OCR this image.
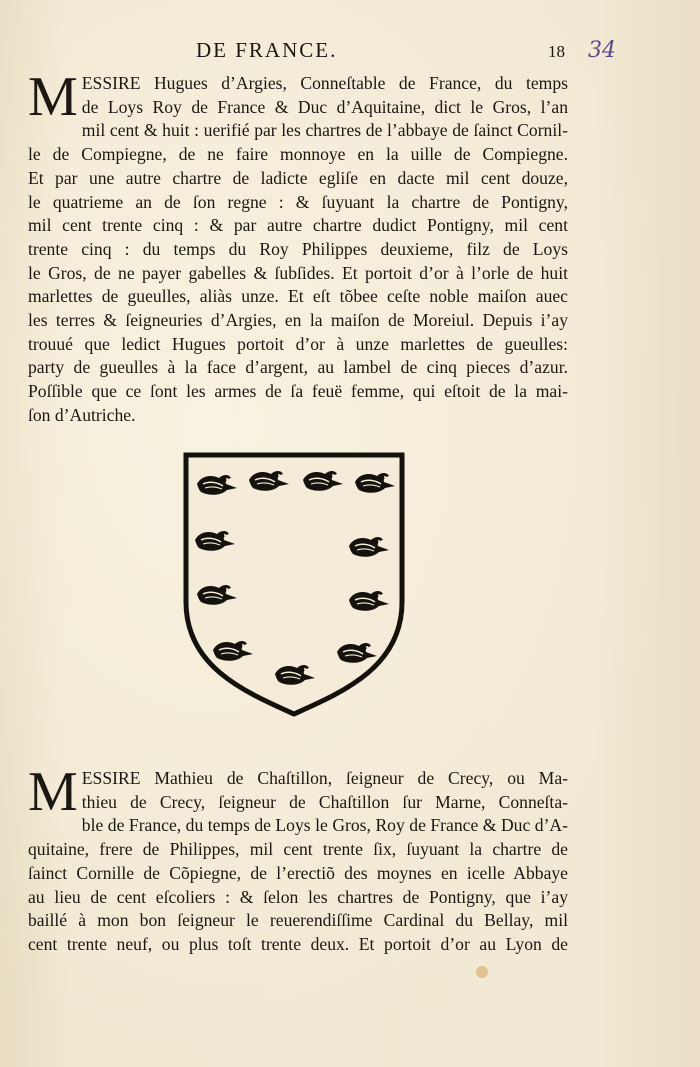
DE FRANCE.	18 34
M ESSIRE Hugues d’Argies, Conneſtable de France, du temps
de Loys Roy de France & Duc d’Aquitaine, dict le Gros, l’an
mil cent & huit : uerifié par les chartres de l’abbaye de ſainct Cornil-
le de Compiegne, de ne faire monnoye en la uille de Compiegne.
Et par une autre chartre de ladicte egliſe en dacte mil cent douze,
le quatrieme an de ſon regne : & ſuyuant la chartre de Pontigny,
mil cent trente cinq : & par autre chartre dudict Pontigny, mil cent
trente cinq : du temps du Roy Philippes deuxieme, filz de Loys
le Gros, de ne payer gabelles & ſubſides. Et portoit d’or à l’orle de huit
marlettes de gueulles, aliàs unze. Et eſt tõbee ceſte noble maiſon auec
les terres & ſeigneuries d’Argies, en la maiſon de Moreiul. Depuis i’ay
trouué que ledict Hugues portoit d’or à unze marlettes de gueulles:
party de gueulles à la face d’argent, au lambel de cinq pieces d’azur.
Poſſible que ce ſont les armes de ſa feuë femme, qui eſtoit de la mai-
ſon d’Autriche.
M ESSIRE Mathieu de Chaſtillon, ſeigneur de Crecy, ou Ma-
thieu de Crecy, ſeigneur de Chaſtillon ſur Marne, Conneſta-
ble de France, du temps de Loys le Gros, Roy de France & Duc d’A-
quitaine, frere de Philippes, mil cent trente ſix, ſuyuant la chartre de
ſainct Cornille de Cõpiegne, de l’erectiõ des moynes en icelle Abbaye
au lieu de cent eſcoliers : & ſelon les chartres de Pontigny, que i’ay
baillé à mon bon ſeigneur le reuerendiſſime Cardinal du Bellay, mil
cent trente neuf, ou plus toſt trente deux. Et portoit d’or au Lyon de
